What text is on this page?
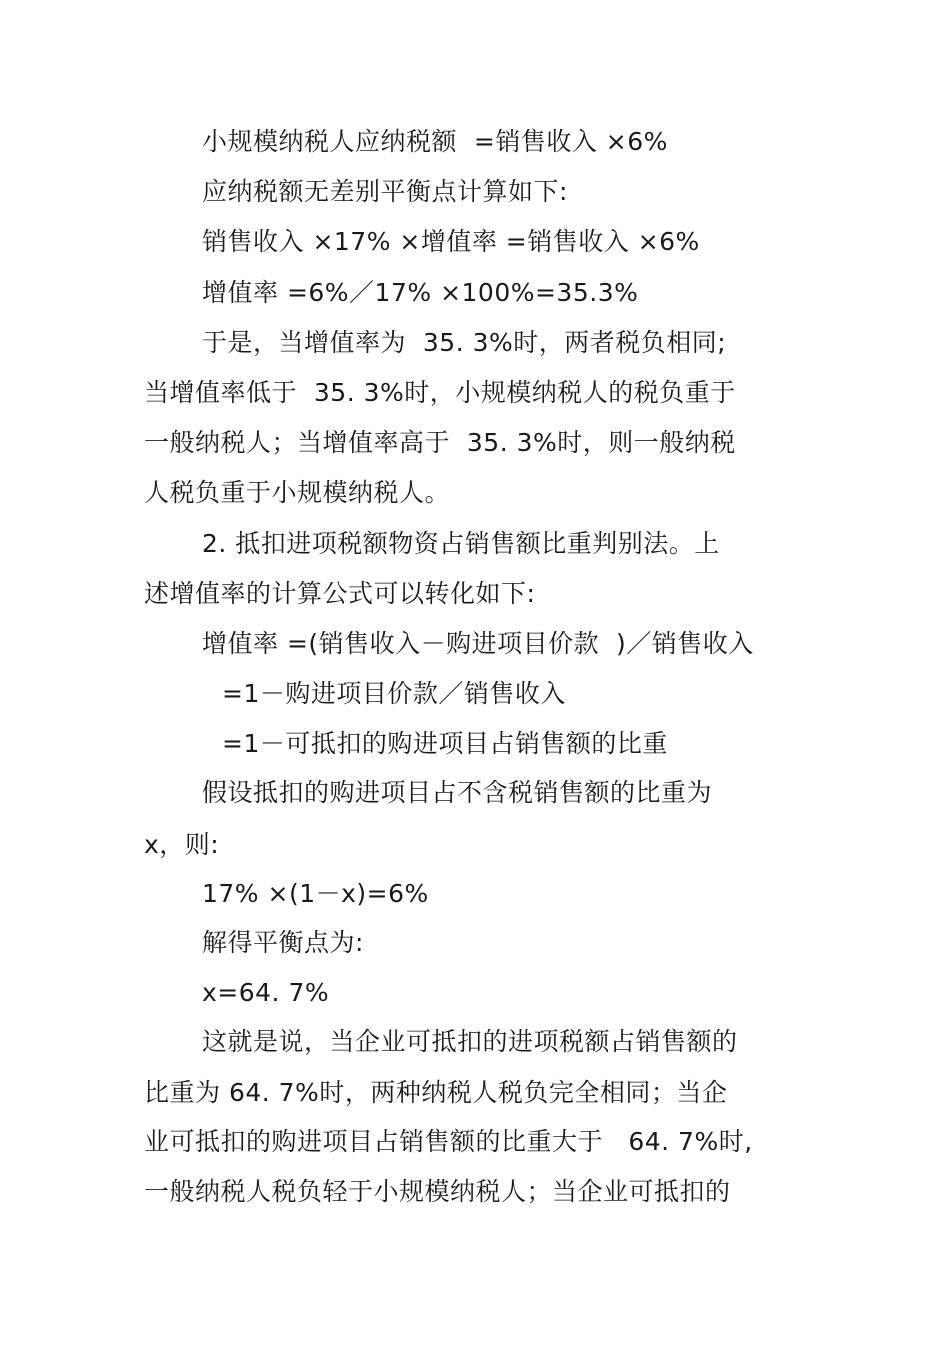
小规模纳税人应纳税额  =销售收入 ×6%
应纳税额无差别平衡点计算如下:
销售收入 ×17% ×增值率 =销售收入 ×6%
增值率 =6%／17% ×100%=35.3%
于是，当增值率为  35. 3%时，两者税负相同;
当增值率低于  35. 3%时，小规模纳税人的税负重于
一般纳税人；当增值率高于  35. 3%时，则一般纳税
人税负重于小规模纳税人。
2. 抵扣进项税额物资占销售额比重判别法。上
述增值率的计算公式可以转化如下:
增值率 =(销售收入－购进项目价款  )／销售收入
=1－购进项目价款／销售收入
=1－可抵扣的购进项目占销售额的比重
假设抵扣的购进项目占不含税销售额的比重为
x，则:
17% ×(1－x)=6%
解得平衡点为:
x=64. 7%
这就是说，当企业可抵扣的进项税额占销售额的
比重为 64. 7%时，两种纳税人税负完全相同；当企
业可抵扣的购进项目占销售额的比重大于   64. 7%时,
一般纳税人税负轻于小规模纳税人；当企业可抵扣的
